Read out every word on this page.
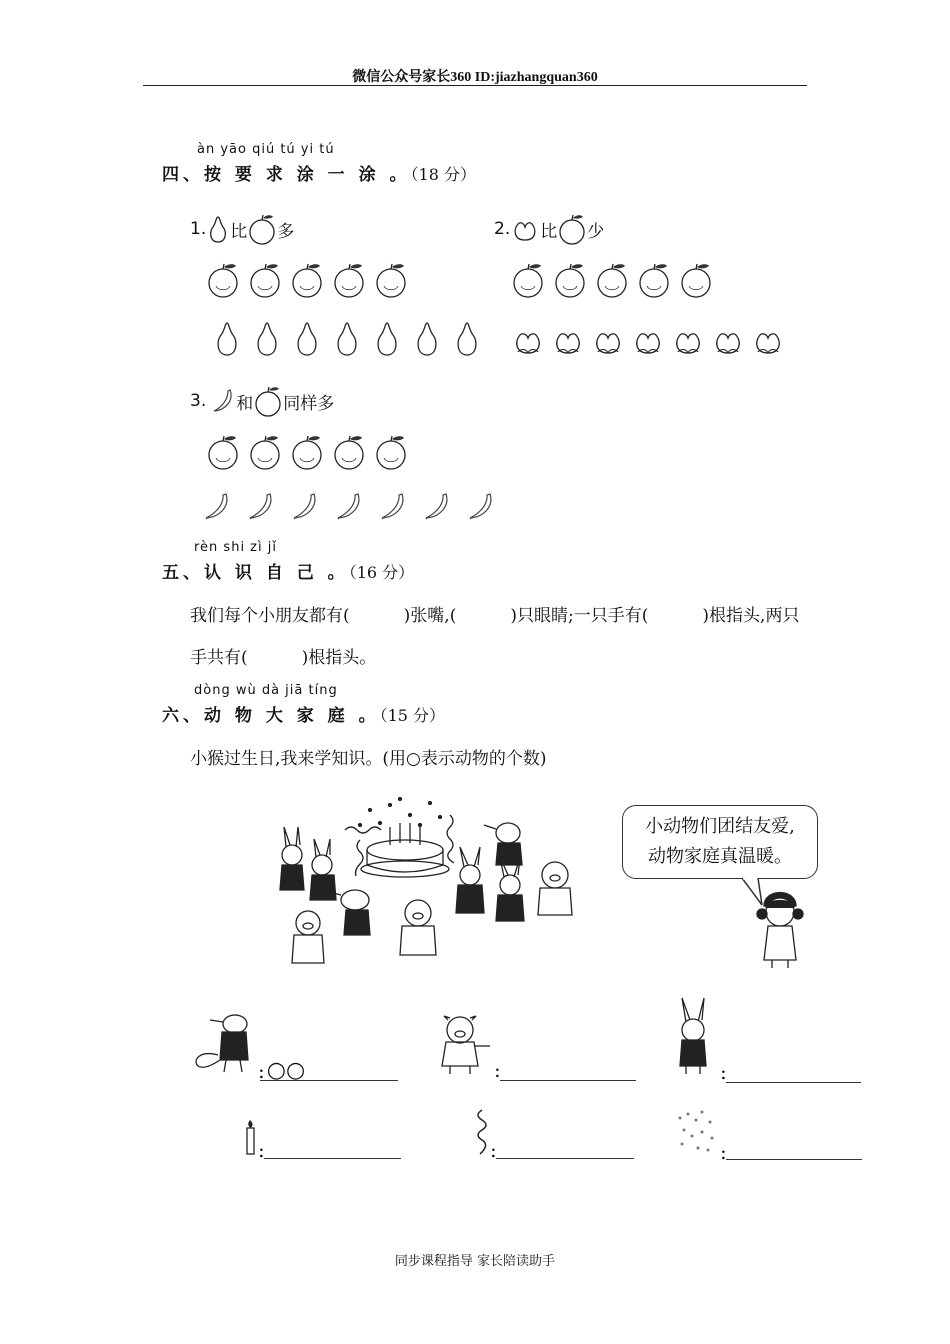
微信公众号家长360 ID:jiazhangquan360
àn yāo qiú tú yi tú
四、按 要 求 涂 一 涂 。（18 分）
1. 比 多	2. 比 少
3. 和 同样多
rèn shi zì jǐ
五、认 识 自 己 。（16 分）
我们每个小朋友都有(          )张嘴,(          )只眼睛;一只手有(          )根指头,两只
手共有(          )根指头。
dòng wù dà jiā tíng
六、动 物 大 家 庭 。（15 分）
小猴过生日,我来学知识。(用○表示动物的个数)
小动物们团结友爱,
动物家庭真温暖。
: ○○	:	:
:	:	:
同步课程指导 家长陪读助手
